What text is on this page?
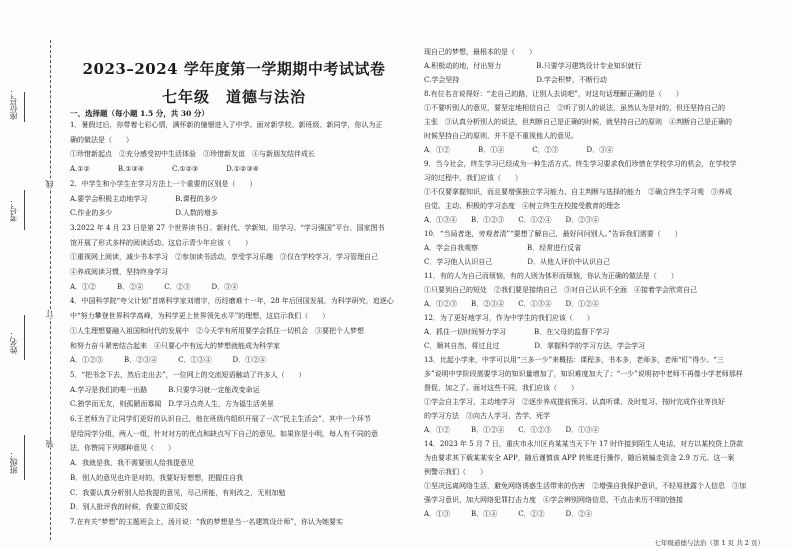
座位号：
考号：
姓名：
班级：
线
订
装
2023–2024 学年度第一学期期中考试试卷
七年级　道德与法治
一、选择题（每小题 1.5 分，共 30 分）
1．暑假过后，你带着七彩心情，满怀新的憧憬进入了中学。面对新学校、新班级、新同学，你认为正
确的做法是（　　）
①珍惜新起点　②充分感受初中生活体验　③珍惜新友谊　④与新朋友结伴成长
A.①②　　　　B.①③④　　　　C.①②③　　　　D.①②③④
2．中学生和小学生在学习方法上一个重要的区别是（　　）
A.要学会积极主动地学习　　　　B.课程的多少
C.作业的多少　　　　　　　　　D.人数的增多
3.2022 年 4 月 23 日是第 27 个世界读书日。新时代、学新知、用学习。“学习强国”平台、国家图书
馆开展了形式多样的阅读活动。这启示青少年应该（　　）
①重视网上阅读，减少书本学习　②参加读书活动，享受学习乐趣　③仅在学校学习，学习管理自己
④养成阅读习惯，坚持终身学习
A．①②　　　B．②④　　　C．②③　　　D．③④
4．中国科学院“夸父计划”首席科学家刘增宇，历经磨难十一年，28 年后回国发展，为科学研究，追逐心
中“努力攀登世界科学高峰，为科学更上世界领先水平”的理想，这启示我们（　　）
①人生理想要融入祖国和时代的发展中　②今天学有所用要学会抓住一切机会　③要把个人梦想
和努力奋斗紧密结合起来　④只要心中有远大的梦想就能成为科学家
A．①②③　　　B．②③④　　　C．①③④　　　D．①②④
5．“把书念下去，然后走出去”，一位网上的交流短语触动了许多人（　　）
A.学习是我们的唯一出路　　　B.只要学习就一定能改变命运
C.独学而无友，则孤陋而寡闻　D.学习点亮人生，方为福生活美景
6.王老师为了让同学们更好的认识自己，他在班级内组织开展了一次“民主生活会”，其中一个环节
是给同学分组，两人一组，针对对方的优点和缺点写下自己的意见。如果你是小明，每人有不同的意
法，你赞同下列哪种意见（　　）
A．我就是我，我不需要别人给我提意见
B．别人的意见也许是对的，我要好好想想，把握住自我
C．我要认真分析别人给我提的意见，尽己所能，有则改之，无则加勉
D．别人批评我的时候，我要立即反驳
7.在有关“梦想”的主题班会上，汤月说：“我的梦想是当一名建筑设计师”，你认为她要实
现自己的梦想，最根本的是（　　）
A.积极动的地，付出努力　　　　　B.只要学习建筑设计专业知识就行
C.学会坚持　　　　　　　　　　　D.学会积梦，不断行动
8.有位名言说得好：“走自己的路，让别人去说吧”，对这句话理解正确的是（　　）
①不要听别人的意见，要坚定地相信自己　②听了别人的说法，虽然认为是对的，但还坚持自己的
主张　③认真分析别人的说法，但判断自己是正确的时候，就坚持自己的原则　④判断自己是正确的
时候坚持自己的原则，并不是不重视他人的意见。
A．①②　　　　B．①④　　　　C．②③　　　　D．③④
9．当今社会，终生学习已经成为一种生活方式。终生学习要求我们珍惜在学校学习的机会，在学校学
习的过程中，我们应该（　　）
①不仅要掌握知识，而且要增强独立学习能力、自主判断与选择的能力　②确立终生学习观　③养成
自觉、主动、积极的学习态度　④树立终生在校接受教育的理念
A．①③④　　B．①②③　　C．①②④　　D．②③④
10．“当局者迷，旁观者清”“要想了解自己，最好问问别人。”告诉我们需要（　　）
A．学会自我观察　　　　　　　B．经常进行反省
C．学习他人认识自己　　　　　D．从他人评价中认识自己
11．有的人为自己而烦恼，有的人则为体形而烦恼，你认为正确的做法是（　　）
①只要到自己的短处　②我们要是接纳自己　③对自己认识不全面　④接着学会欣赏自己
A．①②③　　B．②③④　　C．①③④　　D．①②④
12．为了更好地学习，作为中学生的我们应该（　　）
A．抓住一切时间努力学习　　　　B．在父母的监督下学习
C．顺其自然，将过且过　　　　　D．掌握科学的学习方法，学会学习
13．比起小学来，中学可以用“三多一少”来概括：课程多，书本多，老师多，老师“盯”得少。“三
多”说明中学阶段需要学习的知识量增加了，知识难度加大了；“一少”说明初中老师不再像小学老师那样
督促，加之了。面对这些不同，我们应该（　　）
①学会自主学习，主动地学习　②逐步养成提前预习、认真听课、及时复习、按时完成作业等良好
的学习方法　③向古人学习，苦学、死学
A．①②　　　B．①②④　　C．①②③　　D．①③④
14．2023 年 5 月 7 日，重庆市永川区肖某某当天下午 17 时许接到陌生人电话，对方以某校贷上贷款
为由要求其下载某某安全 APP，随后谨慎该 APP 转账进行操作，随后被骗走资金 2.9 万元。这一案
例警示我们（　　）
①坚决远离网络生活，避免网络诱惑生活带来的伤害　②增强自我保护意识，不轻易泄露个人信息　③加
强学习意识，加大网络犯罪打击力度　④学会辨别网络信息，不点击来历不明的链接
A．①③　　　B．①④　　　C．②③　　　D．②④
七年级道德与法治（第 1 页 共 2 页）
